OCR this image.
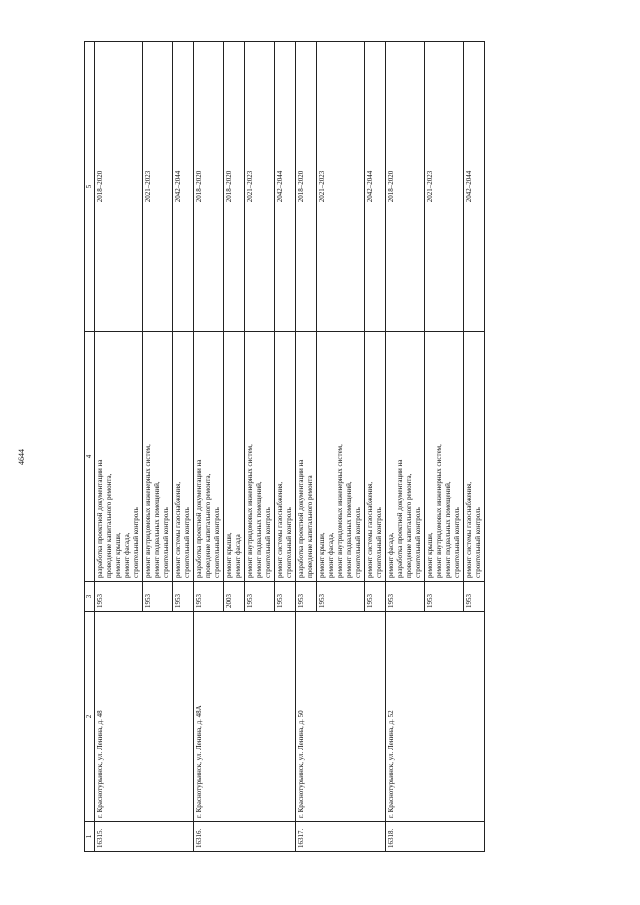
4644
1	2	3	4	5
16315.	г. Краснотурьинск, ул. Ленина, д. 48	1953	разработка проектной документации на проведение капитального ремонта, ремонт крыши, ремонт фасада, строительный контроль	2018–2020
		1953	ремонт внутридомовых инженерных систем, ремонт подвальных помещений, строительный контроль	2021–2023
		1953	ремонт системы газоснабжения, строительный контроль	2042–2044
16316.	г. Краснотурьинск, ул. Ленина, д. 48А	1953	разработка проектной документации на проведение капитального ремонта, строительный контроль	2018–2020
		2003	ремонт крыши, ремонт фасада	2018–2020
		1953	ремонт внутридомовых инженерных систем, ремонт подвальных помещений, строительный контроль	2021–2023
		1953	ремонт системы газоснабжения, строительный контроль	2042–2044
16317.	г. Краснотурьинск, ул. Ленина, д. 50	1953	разработка проектной документации на проведение капитального ремонта	2018–2020
		1953	ремонт крыши, ремонт фасада, ремонт внутридомовых инженерных систем, ремонт подвальных помещений, строительный контроль	2021–2023
		1953	ремонт системы газоснабжения, строительный контроль	2042–2044
16318.	г. Краснотурьинск, ул. Ленина, д. 52	1953	ремонт фасада, разработка проектной документации на проведение капитального ремонта, строительный контроль	2018–2020
		1953	ремонт крыши, ремонт внутридомовых инженерных систем, ремонт подвальных помещений, строительный контроль	2021–2023
		1953	ремонт системы газоснабжения, строительный контроль	2042–2044
